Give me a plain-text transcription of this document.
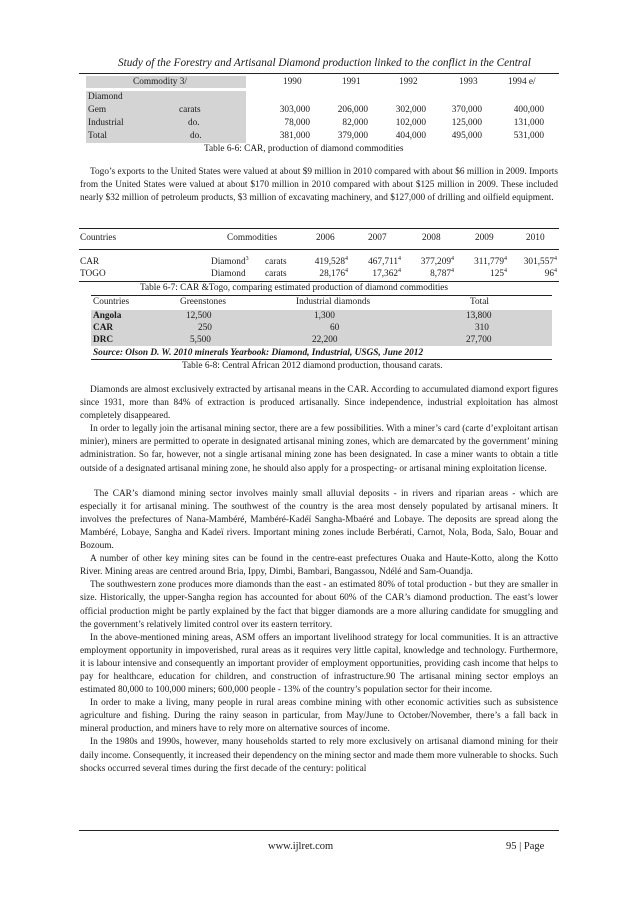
Study of the Forestry and Artisanal Diamond production linked to the conflict in the Central
Commodity 3/	1990	1991	1992	1993	1994 e/
Diamond
Gem	carats	303,000	206,000	302,000	370,000	400,000
Industrial	do.	78,000	82,000	102,000	125,000	131,000
Total	do.	381,000	379,000	404,000	495,000	531,000
Table 6-6: CAR, production of diamond commodities

Togo’s exports to the United States were valued at about $9 million in 2010 compared with about $6 million in 2009. Imports from the United States were valued at about $170 million in 2010 compared with about $125 million in 2009. These included nearly $32 million of petroleum products, $3 million of excavating machinery, and $127,000 of drilling and oilfield equipment.

Countries	Commodities	2006	2007	2008	2009	2010
CAR	Diamond$^3$ carats	419,528$^4$	467,711$^4$	377,209$^4$	311,779$^4$	301,557$^4$
TOGO	Diamond carats	28,176$^4$	17,362$^4$	8,787$^4$	$125^4$	$96^4$
Table 6-7: CAR &Togo, comparing estimated production of diamond commodities
Countries	Greenstones	Industrial diamonds	Total
Angola	12,500	1,300	13,800
CAR	250	60	310
DRC	5,500	22,200	27,700
Source: Olson D. W. 2010 minerals Yearbook: Diamond, Industrial, USGS, June 2012
Table 6-8: Central African 2012 diamond production, thousand carats.

Diamonds are almost exclusively extracted by artisanal means in the CAR. According to accumulated diamond export figures since 1931, more than 84% of extraction is produced artisanally. Since independence, industrial exploitation has almost completely disappeared.

In order to legally join the artisanal mining sector, there are a few possibilities. With a miner’s card (carte d’exploitant artisan minier), miners are permitted to operate in designated artisanal mining zones, which are demarcated by the government’ mining administration. So far, however, not a single artisanal mining zone has been designated. In case a miner wants to obtain a title outside of a designated artisanal mining zone, he should also apply for a prospecting- or artisanal mining exploitation license.

The CAR’s diamond mining sector involves mainly small alluvial deposits - in rivers and riparian areas - which are especially it for artisanal mining. The southwest of the country is the area most densely populated by artisanal miners. It involves the prefectures of Nana-Mambéré, Mambéré-Kadéï Sangha-Mbaéré and Lobaye. The deposits are spread along the Mambéré, Lobaye, Sangha and Kadeï rivers. Important mining zones include Berbérati, Carnot, Nola, Boda, Salo, Bouar and Bozoum.

A number of other key mining sites can be found in the centre-east prefectures Ouaka and Haute-Kotto, along the Kotto River. Mining areas are centred around Bria, Ippy, Dimbi, Bambari, Bangassou, Ndélé and Sam-Ouandja.

The southwestern zone produces more diamonds than the east - an estimated 80% of total production - but they are smaller in size. Historically, the upper-Sangha region has accounted for about 60% of the CAR’s diamond production. The east’s lower official production might be partly explained by the fact that bigger diamonds are a more alluring candidate for smuggling and the government’s relatively limited control over its eastern territory.

In the above-mentioned mining areas, ASM offers an important livelihood strategy for local communities. It is an attractive employment opportunity in impoverished, rural areas as it requires very little capital, knowledge and technology. Furthermore, it is labour intensive and consequently an important provider of employment opportunities, providing cash income that helps to pay for healthcare, education for children, and construction of infrastructure.90 The artisanal mining sector employs an estimated 80,000 to 100,000 miners; 600,000 people - 13% of the country’s population sector for their income.

In order to make a living, many people in rural areas combine mining with other economic activities such as subsistence agriculture and fishing. During the rainy season in particular, from May/June to October/November, there’s a fall back in mineral production, and miners have to rely more on alternative sources of income.

In the 1980s and 1990s, however, many households started to rely more exclusively on artisanal diamond mining for their daily income. Consequently, it increased their dependency on the mining sector and made them more vulnerable to shocks. Such shocks occurred several times during the first decade of the century: political

www.ijlret.com	95 | Page
